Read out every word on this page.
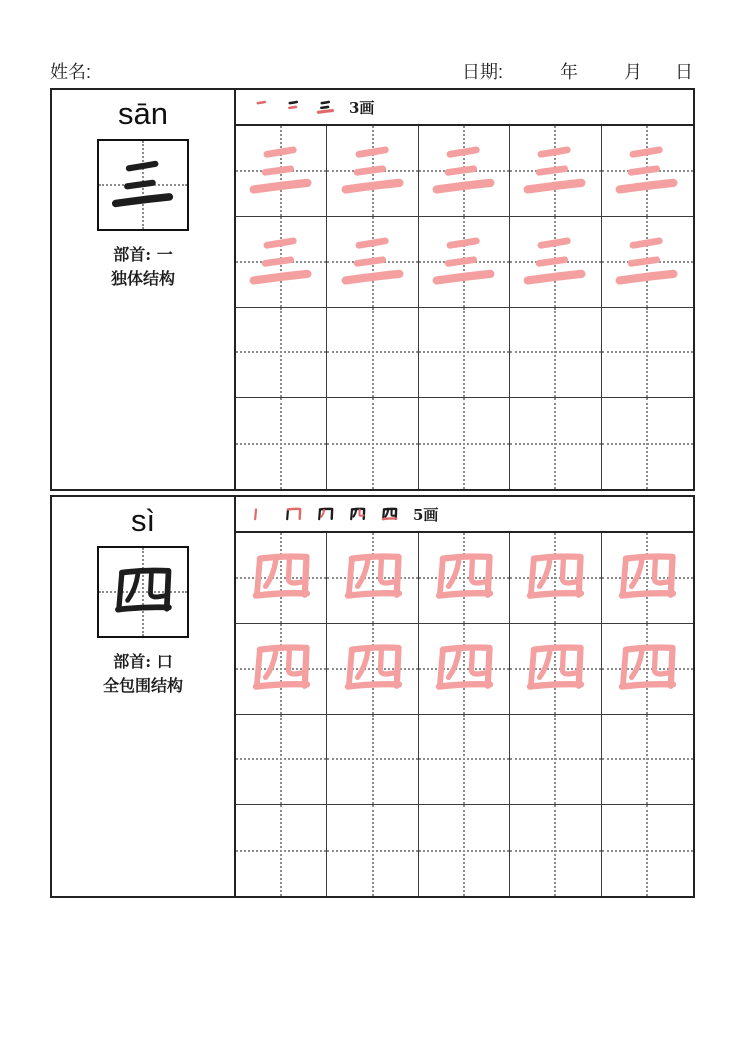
姓名:	日期:	年	月 日
sān
部首: 一
独体结构
3画
sì
部首: 口
全包围结构
5画
